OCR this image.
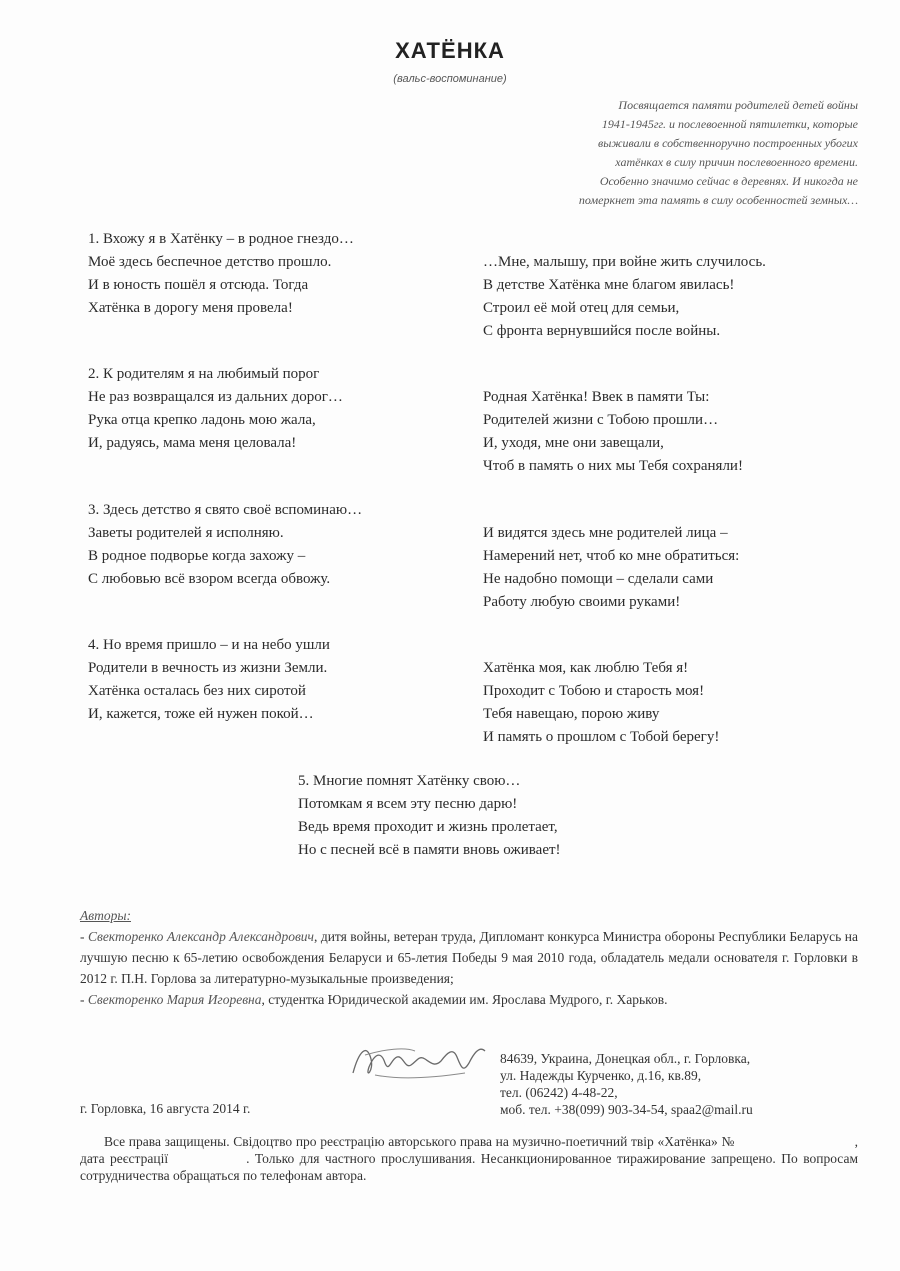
ХАТЁНКА
(вальс-воспоминание)
Посвящается памяти родителей детей войны
1941-1945гг. и послевоенной пятилетки, которые
выживали в собственноручно построенных убогих
хатёнках в силу причин послевоенного времени.
Особенно значимо сейчас в деревнях. И никогда не
померкнет эта память в силу особенностей земных…
1. Вхожу я в Хатёнку – в родное гнездо…
Моё здесь беспечное детство прошло.
И в юность пошёл я отсюда. Тогда
Хатёнка в дорогу меня провела!
…Мне, малышу, при войне жить случилось.
В детстве Хатёнка мне благом явилась!
Строил её мой отец для семьи,
С фронта вернувшийся после войны.
2. К родителям я на любимый порог
Не раз возвращался из дальних дорог…
Рука отца крепко ладонь мою жала,
И, радуясь, мама меня целовала!
Родная Хатёнка! Ввек в памяти Ты:
Родителей жизни с Тобою прошли…
И, уходя, мне они завещали,
Чтоб в память о них мы Тебя сохраняли!
3. Здесь детство я свято своё вспоминаю…
Заветы родителей я исполняю.
В родное подворье когда захожу –
С любовью всё взором всегда обвожу.
И видятся здесь мне родителей лица –
Намерений нет, чтоб ко мне обратиться:
Не надобно помощи – сделали сами
Работу любую своими руками!
4. Но время пришло – и на небо ушли
Родители в вечность из жизни Земли.
Хатёнка осталась без них сиротой
И, кажется, тоже ей нужен покой…
Хатёнка моя, как люблю Тебя я!
Проходит с Тобою и старость моя!
Тебя навещаю, порою живу
И память о прошлом с Тобой берегу!
5. Многие помнят Хатёнку свою…
Потомкам я всем эту песню дарю!
Ведь время проходит и жизнь пролетает,
Но с песней всё в памяти вновь оживает!
Авторы:
- Свекторенко Александр Александрович, дитя войны, ветеран труда, Дипломант конкурса Министра обороны Республики Беларусь на лучшую песню к 65-летию освобождения Беларуси и 65-летия Победы 9 мая 2010 года, обладатель медали основателя г. Горловки в 2012 г. П.Н. Горлова за литературно-музыкальные произведения;
- Свекторенко Мария Игоревна, студентка Юридической академии им. Ярослава Мудрого, г. Харьков.
84639, Украина, Донецкая обл., г. Горловка,
ул. Надежды Курченко, д.16, кв.89,
тел. (06242) 4-48-22,
моб. тел. +38(099) 903-34-54, spaa2@mail.ru
г. Горловка, 16 августа 2014 г.

Все права защищены. Свідоцтво про реєстрацію авторського права на музично-поетичний твір «Хатёнка» №	, дата реєстрації	. Только для частного прослушивания. Несанкционированное тиражирование запрещено. По вопросам сотрудничества обращаться по телефонам автора.
